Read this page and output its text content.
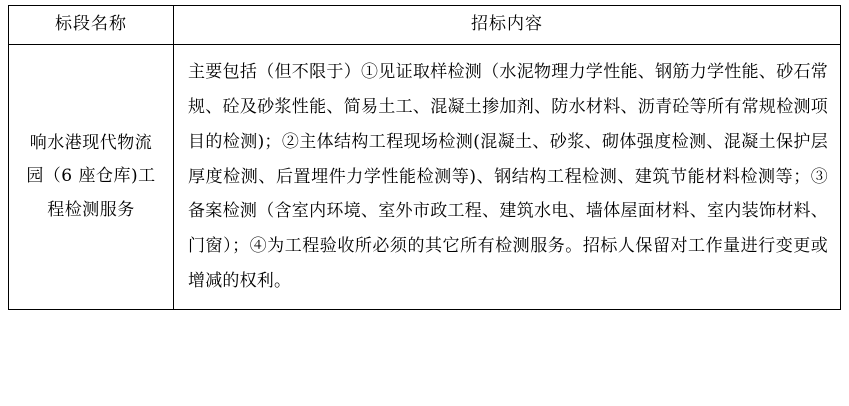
标段名称	招标内容
响水港现代物流园（6 座仓库)工程检测服务	主要包括（但不限于）①见证取样检测（水泥物理力学性能、钢筋力学性能、砂石常规、砼及砂浆性能、简易土工、混凝土掺加剂、防水材料、沥青砼等所有常规检测项目的检测)；②主体结构工程现场检测(混凝土、砂浆、砌体强度检测、混凝土保护层厚度检测、后置埋件力学性能检测等)、钢结构工程检测、建筑节能材料检测等；③备案检测（含室内环境、室外市政工程、建筑水电、墙体屋面材料、室内装饰材料、门窗）；④为工程验收所必须的其它所有检测服务。招标人保留对工作量进行变更或增减的权利。
